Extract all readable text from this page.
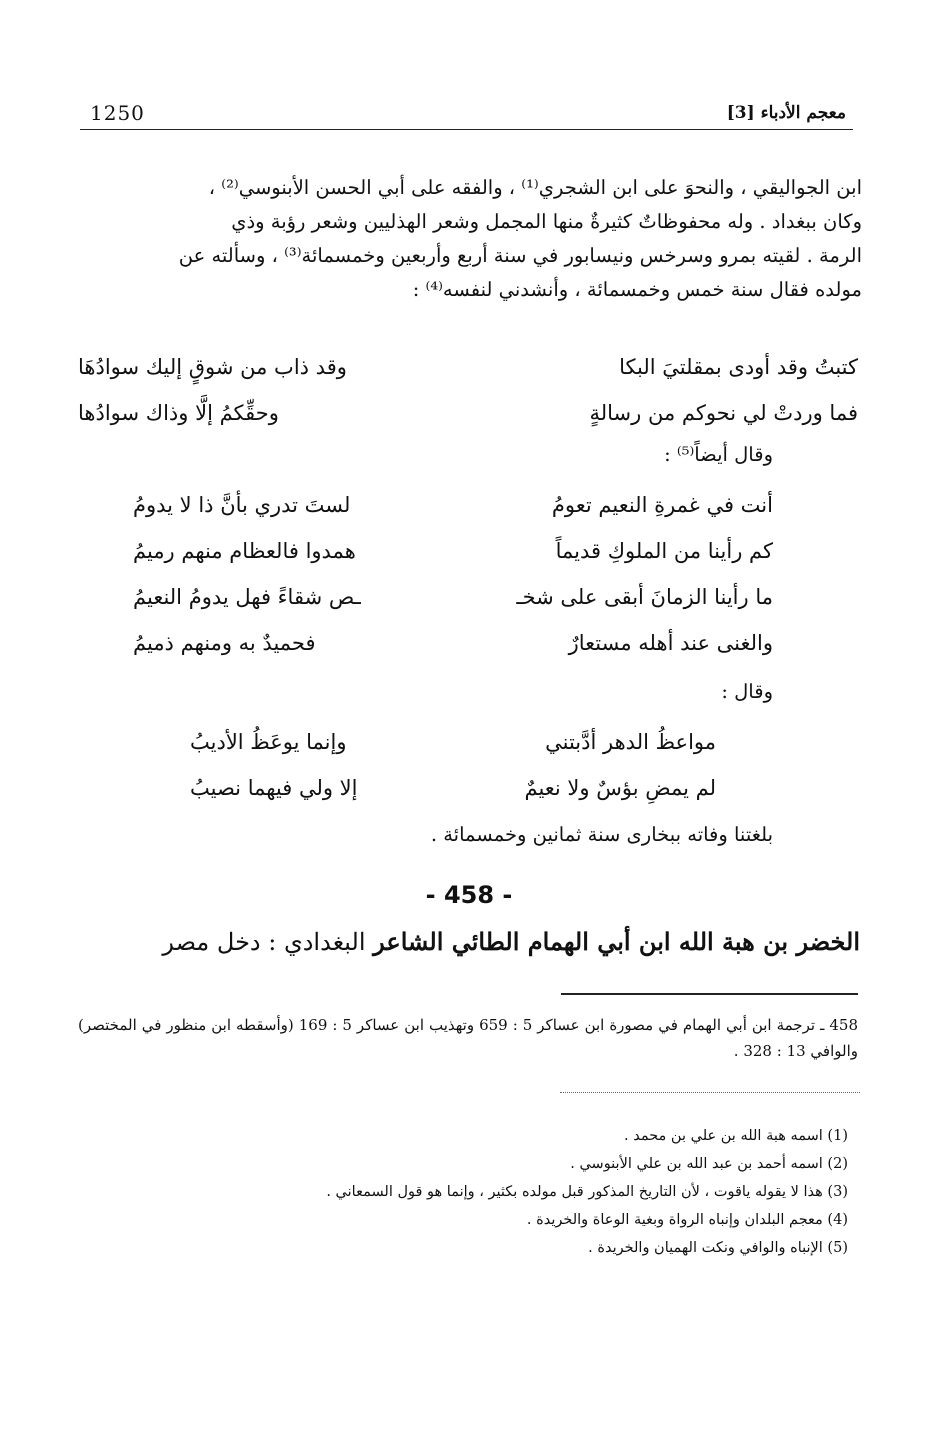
معجم الأدباء [3]
1250

ابن الجواليقي ، والنحوَ على ابن الشجري⁽¹⁾ ، والفقه على أبي الحسن الأبنوسي⁽²⁾ ،

وكان ببغداد . وله محفوظاتٌ كثيرةٌ منها المجمل وشعر الهذليين وشعر رؤبة وذي

الرمة . لقيته بمرو وسرخس ونيسابور في سنة أربع وأربعين وخمسمائة⁽³⁾ ، وسألته عن

مولده فقال سنة خمس وخمسمائة ، وأنشدني لنفسه⁽⁴⁾ :

كتبتُ وقد أودى بمقلتيَ البكا
وقد ذاب من شوقٍ إليك سوادُهَا
فما وردتْ لي نحوكم من رسالةٍ
وحقِّكمُ إلَّا وذاك سوادُها
وقال أيضاً⁽⁵⁾ :
أنت في غمرةِ النعيم تعومُ
لستَ تدري بأنَّ ذا لا يدومُ
كم رأينا من الملوكِ قديماً
همدوا فالعظام منهم رميمُ
ما رأينا الزمانَ أبقى على شخـ
ـص شقاءً فهل يدومُ النعيمُ
والغنى عند أهله مستعارٌ
فحميدٌ به ومنهم ذميمُ
وقال :
مواعظُ الدهر أدَّبتني
وإنما يوعَظُ الأديبُ
لم يمضِ بؤسٌ ولا نعيمٌ
إلا ولي فيهما نصيبُ
بلغتنا وفاته ببخارى سنة ثمانين وخمسمائة .
- 458 -
الخضر بن هبة الله ابن أبي الهمام الطائي الشاعر البغدادي : دخل مصر
458 ـ ترجمة ابن أبي الهمام في مصورة ابن عساكر 5 : 659 وتهذيب ابن عساكر 5 : 169 (وأسقطه ابن منظور في المختصر) والوافي 13 : 328 .
(1) اسمه هبة الله بن علي بن محمد .
(2) اسمه أحمد بن عبد الله بن علي الأبنوسي .
(3) هذا لا يقوله ياقوت ، لأن التاريخ المذكور قبل مولده بكثير ، وإنما هو قول السمعاني .
(4) معجم البلدان وإنباه الرواة وبغية الوعاة والخريدة .
(5) الإنباه والوافي ونكت الهميان والخريدة .
